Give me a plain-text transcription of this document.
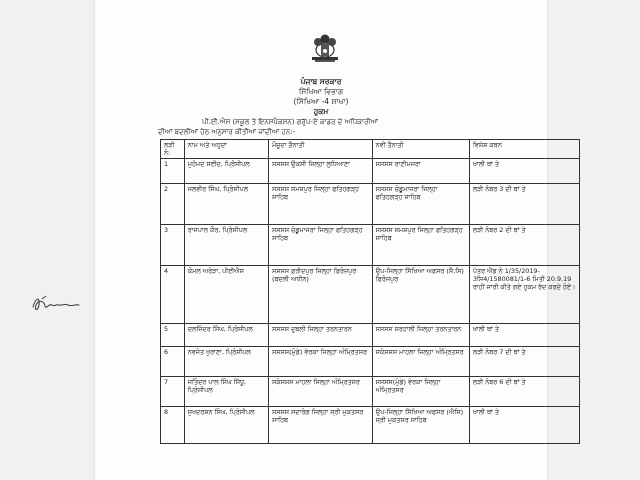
ਪੰਜਾਬ ਸਰਕਾਰ
ਸਿੱਖਿਆ ਵਿਭਾਗ
(ਸਿੱਖਿਆ -4 ਸ਼ਾਖਾ)
ਹੁਕਮ
ਪੀ.ਈ.ਐਸ (ਸਕੂਲ ਤੇ ਇਨਸਪੈਕਸ਼ਨ) ਗਰੁੱਪ-ਏ ਕਾਡਰ ਦੇ ਅਧਿਕਾਰੀਆਂ
ਦੀਆਂ ਬਦਲੀਆਂ ਹੇਠ ਅਨੁਸਾਰ ਕੀਤੀਆਂ ਜਾਂਦੀਆਂ ਹਨ:-
ਲੜੀ ਨੰ:	ਨਾਮ ਅਤੇ ਅਹੁਦਾ	ਮੌਜੂਦਾ ਤੈਨਾਤੀ	ਨਵੀਂ ਤੈਨਾਤੀ	ਵਿਸ਼ੇਸ਼ ਕਥਨ
1	ਮੁਹੰਮਦ ਸਈਦ, ਪ੍ਰਿੰਸੀਪਲ	ਸਸਸਸ ਉਕਸੀ ਜਿਲ੍ਹਾ ਲੁਧਿਆਣਾ	ਸਸਸਸ ਰਾਣੀਮਜਰਾ	ਖਾਲੀ ਥਾਂ ਤੇ
2	ਜਲਵੀਰ ਸਿੰਘ, ਪ੍ਰਿੰਸੀਪਲ	ਸਸਸਸ ਸਮਸ਼ਪੁਰ ਜਿਲ੍ਹਾ ਫਤਿਹਗੜ੍ਹ ਸਾਹਿਬ	ਸਸਸਸ ਚੰਡੂਮਾਜਰਾ ਜਿਲ੍ਹਾ ਫਤਿਹਗੜ੍ਹ ਸਾਹਿਬ	ਲੜੀ ਨੰਬਰ 3 ਦੀ ਥਾਂ ਤੇ
3	ਰਾਜਪਾਲ ਕੌਰ, ਪ੍ਰਿੰਸੀਪਲ	ਸਸਸਸ ਚੰਡੂਮਾਜਰਾ ਜਿਲ੍ਹਾ ਫਤਿਹਗੜ੍ਹ ਸਾਹਿਬ	ਸਸਸਸ ਸਮਸ਼ਪੁਰ ਜਿਲ੍ਹਾ ਫਤਿਹਗੜ੍ਹ ਸਾਹਿਬ	ਲੜੀ ਨੰਬਰ 2 ਦੀ ਥਾਂ ਤੇ
4	ਕੋਮਲ ਅਰੋੜਾ, ਪੀਈਐਸ	ਸਸਸਸ ਫਰੀਦਪੁਰ ਜਿਲ੍ਹਾ ਫਿਰੋਜ਼ਪੁਰ (ਬਦਲੀ ਅਧੀਨ)	ਉਪ-ਜਿਲ੍ਹਾ ਸਿੱਖਿਆ ਅਫਸਰ (ਸੈ.ਸਿ) ਫਿਰੋਜ਼ਪੁਰ	ਪੱਤਰ ਐਂਡ ਨੰ 1/35/2019-3ਸਿ4/1580081/1-6 ਮਿਤੀ 20.9.19 ਰਾਹੀਂ ਜਾਰੀ ਕੀਤੇ ਗਏ ਹੁਕਮ ਰੱਦ ਕਰਦੇ ਹੋਏ।
5	ਦਲਜਿੰਦਰ ਸਿੰਘ, ਪ੍ਰਿੰਸੀਪਲ	ਸਸਸਸ ਦੁਬਲੀ ਜਿਲ੍ਹਾ ਤਰਨਤਾਰਨ	ਸਸਸਸ ਸਰਹਾਲੀ ਜਿਲ੍ਹਾ ਤਰਨਤਾਰਨ	ਖਾਲੀ ਥਾਂ ਤੇ
6	ਨਵਜੋਤ ਖੁਰਾਣਾ, ਪ੍ਰਿੰਸੀਪਲ	ਸਸਸਸ(ਮੁੰਡੇ) ਵੇਰਕਾ ਜਿਲ੍ਹਾ ਅੰਮ੍ਰਿਤਸਰ	ਸਕੰਸਸਸ ਮਾਹਲਾ ਜਿਲ੍ਹਾ ਅੰਮ੍ਰਿਤਸਰ	ਲੜੀ ਨੰਬਰ 7 ਦੀ ਥਾਂ ਤੇ
7	ਜਤਿੰਦਰ ਪਾਲ ਸਿੰਘ ਸਿੱਧੂ, ਪ੍ਰਿੰਸੀਪਲ	ਸਕੰਸਸਸ ਮਾਹਲਾ ਜਿਲ੍ਹਾ ਅੰਮ੍ਰਿਤਸਰ	ਸਸਸਸ(ਮੁੰਡੇ) ਵੇਰਕਾ ਜਿਲ੍ਹਾ ਅੰਮ੍ਰਿਤਸਰ	ਲੜੀ ਨੰਬਰ 6 ਦੀ ਥਾਂ ਤੇ
8	ਸੁਖਦਰਸ਼ਨ ਸਿੰਘ, ਪ੍ਰਿੰਸੀਪਲ	ਸਸਸਸ ਸਦਾਰੰਗ ਜਿਲ੍ਹਾ ਸ੍ਰੀ ਮੁਕਤਸਰ ਸਾਹਿਬ	ਉਪ-ਜਿਲ੍ਹਾ ਸਿੱਖਿਆ ਅਫਸਰ (ਐਸਿ) ਸ੍ਰੀ ਮੁਕਤਸਰ ਸਾਹਿਬ	ਖਾਲੀ ਥਾਂ ਤੇ
